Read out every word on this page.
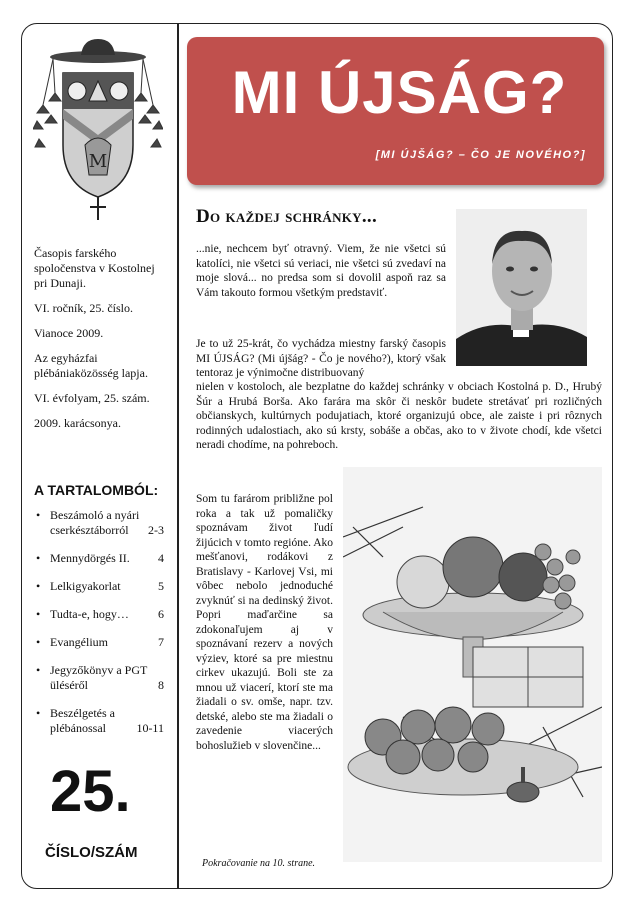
M

Časopis farského spoločenstva v Kostolnej pri Dunaji.

VI. ročník, 25. číslo.

Vianoce 2009.

Az egyházfai plébániaközösség lapja.

VI. évfolyam, 25. szám.

2009. karácsonya.

A TARTALOMBÓL:
• Beszámoló a nyári
cserkésztáborról 2-3
• Mennydörgés II. 4
• Lelkigyakorlat	5
• Tudta-e, hogy… 6
• Evangélium	7
• Jegyzőkönyv a PGT
üléséről	8
• Beszélgetés a
plébánossal	10-11
25.
ČÍSLO/SZÁM
MI ÚJSÁG?
[MI ÚJŠÁG? – ČO JE NOVÉHO?]
Do každej schránky...

...nie, nechcem byť otravný. Viem, že nie všetci sú katolíci, nie všetci sú veriaci, nie všetci sú zvedaví na moje slová... no predsa som si dovolil aspoň raz sa Vám takouto formou všetkým predstaviť.

Je to už 25-krát, čo vychádza miestny farský časopis MI ÚJSÁG? (Mi újšág? - Čo je nového?), ktorý však tentoraz je výnimočne distribuovaný

nielen v kostoloch, ale bezplatne do každej schránky v obciach Kostolná p. D., Hrubý Šúr a Hrubá Borša. Ako farára ma skôr či neskôr budete stretávať pri rozličných občianskych, kultúrnych podujatiach, ktoré organizujú obce, ale zaiste i pri rôznych rodinných udalostiach, ako sú krsty, sobáše a občas, ako to v živote chodí, kde všetci neradi chodíme, na pohreboch.

Som tu farárom približne pol roka a tak už pomaličky spoznávam život ľudí žijúcich v tomto regióne. Ako mešťanovi, rodákovi z Bratislavy - Karlovej Vsi, mi vôbec nebolo jednoduché zvyknúť si na dedinský život. Popri maďarčine sa zdokonaľujem aj v spoznávaní rezerv a nových výziev, ktoré sa pre miestnu cirkev ukazujú. Boli ste za mnou už viacerí, ktorí ste ma žiadali o sv. omše, napr. tzv. detské, alebo ste ma žiadali o zavedenie viacerých bohoslužieb v slovenčine...

Pokračovanie na 10. strane.
